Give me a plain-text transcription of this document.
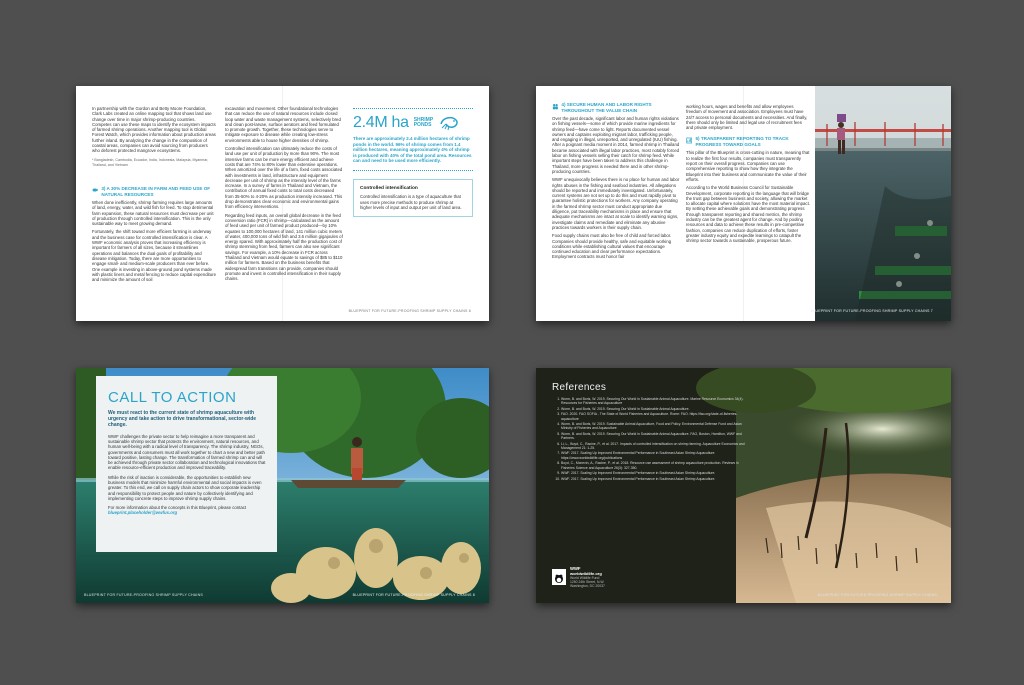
In partnership with the Gordon and Betty Moore Foundation, Clark Labs created an online mapping tool that shows land use change over time in major shrimp-producing countries. Competes can use these maps to identify the ecosystem impacts of farmed shrimp operations. Another mapping tool is Global Forest Watch, which provides information about production areas further inland. By analyzing the change in the composition of coastal areas, companies can avoid sourcing from producers who deforest protected mangrove ecosystems.

* Bangladesh, Cambodia, Ecuador, India, Indonesia, Malaysia, Myanmar, Thailand, and Vietnam

3) A 30% DECREASE IN FARM AND FEED USE OF NATURAL RESOURCES

When done inefficiently, shrimp farming requires large amounts of land, energy, water, and wild fish for feed. To stop detrimental farm expansion, these natural resources must decrease per unit of production through controlled intensification. This is the only sustainable way to meet growing demand.

Fortunately, the shift toward more efficient farming is underway and the business case for controlled intensification is clear. A WWF economic analysis proves that increasing efficiency is important for farmers of all sizes, because it streamlines operations and balances the dual goals of profitability and disease mitigation. Today, there are more opportunities to engage small- and medium-scale producers than ever before. One example is investing in above-ground pond systems made with plastic liners and metal fencing to reduce capital expenditure and minimize the amount of soil

excavation and movement. Other foundational technologies that can reduce the use of natural resources include closed loop water and waste management systems, selectively bred and clean post-larvae, surface aerators and feed formulated to promote growth. Together, these technologies serve to mitigate exposure to disease while creating low-stress environments able to house higher densities of shrimp.

Controlled intensification can ultimately reduce the costs of land use per unit of production by more than 90%. The most intensive farms can be more energy efficient and achieve costs that are 74% to 80% lower than extensive operations. When amortized over the life of a farm, fixed costs associated with investments in land, infrastructure and equipment decrease per unit of shrimp as the intensity level of the farms increase. In a survey of farms in Thailand and Vietnam, the contribution of annual fixed costs to total costs decreased from 35-50% to 4-20% as production intensity increased. This drop demonstrates clear economic and environmental gains from efficiency interventions.

Regarding feed inputs, an overall global decrease in the feed conversion ratio (FCR) in shrimp—calculated as the amount of feed used per unit of farmed product produced—by 10% equates to 100,000 hectares of land, 141 million cubic meters of water, 400,000 tons of wild fish and 3.6 million gigajoules of energy spared. With approximately half the production cost of shrimp stemming from feed, farmers can also see significant savings. For example, a 10% decrease in FCR across Thailand and Vietnam would equate to savings of $85 to $110 million for farmers. Based on the business benefits that widespread farm transitions can provide, companies should promote and invest in controlled intensification in their supply chains.

2.4M ha SHRIMP
PONDS

There are approximately 2.4 million hectares of shrimp ponds in the world. 96% of shrimp comes from 1.4 million hectares, meaning approximately 4% of shrimp is produced with 40% of the total pond area. Resources can and need to be used more efficiently.

Controlled intensification

Controlled intensification is a type of aquaculture that uses more precise methods to produce shrimp at higher levels of input and output per unit of land area.

BLUEPRINT FOR FUTURE-PROOFING SHRIMP SUPPLY CHAINS 6

4) SECURE HUMAN AND LABOR RIGHTS THROUGHOUT THE VALUE CHAIN

Over the past decade, significant labor and human rights violations on fishing vessels—some of which provide marine ingredients for shrimp feed—have come to light. Reports documented vessel owners and captains exploiting migrant labor, trafficking people, and engaging in illegal, unreported, and unregulated (IUU) fishing. After a poignant media moment in 2014, farmed shrimp in Thailand became associated with illegal labor practices, most notably forced labor on fishing vessels selling their catch for shrimp feed. While important steps have been taken to address this challenge in Thailand, more progress is needed there and in other shrimp-producing countries.

WWF unequivocally believes there is no place for human and labor rights abuses in the fishing and seafood industries. All allegations should be reported and immediately investigated. Unfortunately, current systems are not set up to do this and must rapidly pivot to guarantee holistic protections for workers. Any company operating in the farmed shrimp sector must conduct appropriate due diligence, put traceability mechanisms in place and ensure that adequate mechanisms are intact at scale to identify warning signs, investigate claims and remediate and eliminate any abusive practices towards workers in their supply chain.

Food supply chains must also be free of child and forced labor. Companies should provide healthy, safe and equitable working conditions while establishing cultural values that encourage continued education and clear performance expectations. Employment contracts must honor fair

working hours, wages and benefits and allow employees freedom of movement and association. Employees must have 24/7 access to personal documents and necessities. And finally, there should only be limited and legal use of recruitment fees and private employment.

5) TRANSPARENT REPORTING TO TRACK PROGRESS TOWARD GOALS

This pillar of the Blueprint is cross-cutting in nature, meaning that to realize the first four results, companies must transparently report on their overall progress. Companies can use comprehensive reporting to show how they integrate the Blueprint into their business and communicate the value of their efforts.

According to the World Business Council for Sustainable Development, corporate reporting is the language that will bridge the trust gap between business and society, allowing the market to allocate capital where solutions have the most material impact. By setting these achievable goals and demonstrating progress through transparent reporting and shared metrics, the shrimp industry can be the greatest agent for change. And by pooling resources and data to achieve these results in pre-competitive fashion, companies can reduce duplication of efforts, foster greater industry equity and expedite learnings to catapult the shrimp sector towards a sustainable, prosperous future.

BLUEPRINT FOR FUTURE-PROOFING SHRIMP SUPPLY CHAINS 7
CALL TO ACTION

We must react to the current state of shrimp aquaculture with urgency and take action to drive transformational, sector-wide change.

WWF challenges the private sector to help reimagine a more transparent and sustainable shrimp sector that protects the environment, natural resources, and human well-being with a radical level of transparency. The shrimp industry, NGOs, governments and consumers must all work together to chart a new and better path toward positive, lasting change. The transformation of farmed shrimp can and will be achieved through private sector collaboration and technological innovations that enable resource-efficient production and improved traceability.

While the risk of inaction is considerable, the opportunities to establish new business models that minimize harmful environmental and social impacts is even greater. To this end, we call on supply chain actors to show corporate leadership and responsibility to protect people and nature by collectively identifying and implementing concrete steps to improve shrimp supply chains.

For more information about the concepts in this Blueprint, please contact blueprint.placeholder@wwfus.org

BLUEPRINT FOR FUTURE-PROOFING SHRIMP SUPPLY CHAINS	BLUEPRINT FOR FUTURE-PROOFING SHRIMP SUPPLY CHAINS 8
References
1. Worm, B. and Boris, W. 2019. Securing Our World in Sustainable Animal Aquaculture. Marine Resource Economics 34(4). Resources for Fisheries and Aquaculture
2. Worm, B. and Boris, W. 2019. Securing Our World in Sustainable Animal Aquaculture.
3. FAO. 2020. FAO SOFIA - The State of World Fisheries and Aquaculture. Rome: FAO. https://fao.org/state-of-fisheries-aquaculture
4. Worm, B. and Boris, W. 2019. Sustainable Animal Aquaculture, Food and Policy. Environmental Defense Fund and Asian Ministry of Fisheries and Aquaculture
5. Worm, B. and Boris, W. 2019. Securing Our World in Sustainable Animal Aquaculture. FAO, Boston, Hamilton, WWF and Partners.
6. Li, L., Boyd, C., Racine, P., et al. 2017. Impacts of controlled intensification on shrimp farming. Aquaculture Economics and Management 21: 1-25.
7. WWF. 2017. Scaling Up Improved Environmental Performance in Southeast Asian Shrimp Aquaculture. https://www.worldwildlife.org/publications
8. Boyd, C., Mcnevin, A., Racine, P., et al. 2018. Resource use assessment of shrimp aquaculture production. Reviews in Fisheries Science and Aquaculture 26(3): 327-350.
9. WWF. 2017. Scaling Up Improved Environmental Performance in Southeast Asian Shrimp Aquaculture.
10. WWF. 2017. Scaling Up Improved Environmental Performance in Southeast Asian Shrimp Aquaculture.
WWF
worldwildlife.org
World Wildlife Fund
1250 24th Street, N.W.
Washington, DC 20037
BLUEPRINT FOR FUTURE-PROOFING SHRIMP SUPPLY CHAINS
